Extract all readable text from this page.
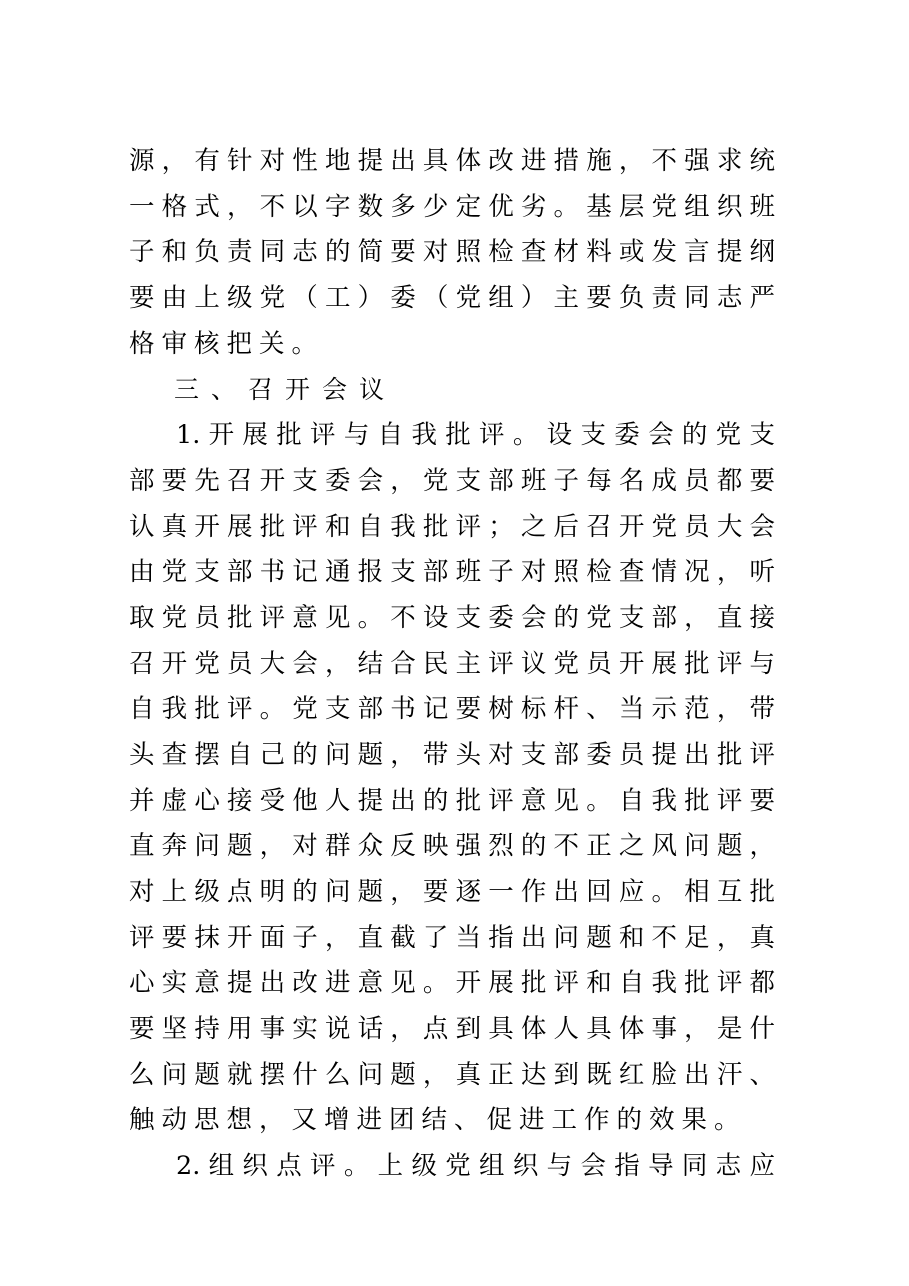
源，有针对性地提出具体改进措施，不强求统
一格式，不以字数多少定优劣。基层党组织班
子和负责同志的简要对照检查材料或发言提纲
要由上级党（工）委（党组）主要负责同志严
格审核把关。
三、召开会议
1.开展批评与自我批评。设支委会的党支
部要先召开支委会，党支部班子每名成员都要
认真开展批评和自我批评；之后召开党员大会
由党支部书记通报支部班子对照检查情况，听
取党员批评意见。不设支委会的党支部，直接
召开党员大会，结合民主评议党员开展批评与
自我批评。党支部书记要树标杆、当示范，带
头查摆自己的问题，带头对支部委员提出批评
并虚心接受他人提出的批评意见。自我批评要
直奔问题，对群众反映强烈的不正之风问题，
对上级点明的问题，要逐一作出回应。相互批
评要抹开面子，直截了当指出问题和不足，真
心实意提出改进意见。开展批评和自我批评都
要坚持用事实说话，点到具体人具体事，是什
么问题就摆什么问题，真正达到既红脸出汗、
触动思想，又增进团结、促进工作的效果。
2.组织点评。上级党组织与会指导同志应
